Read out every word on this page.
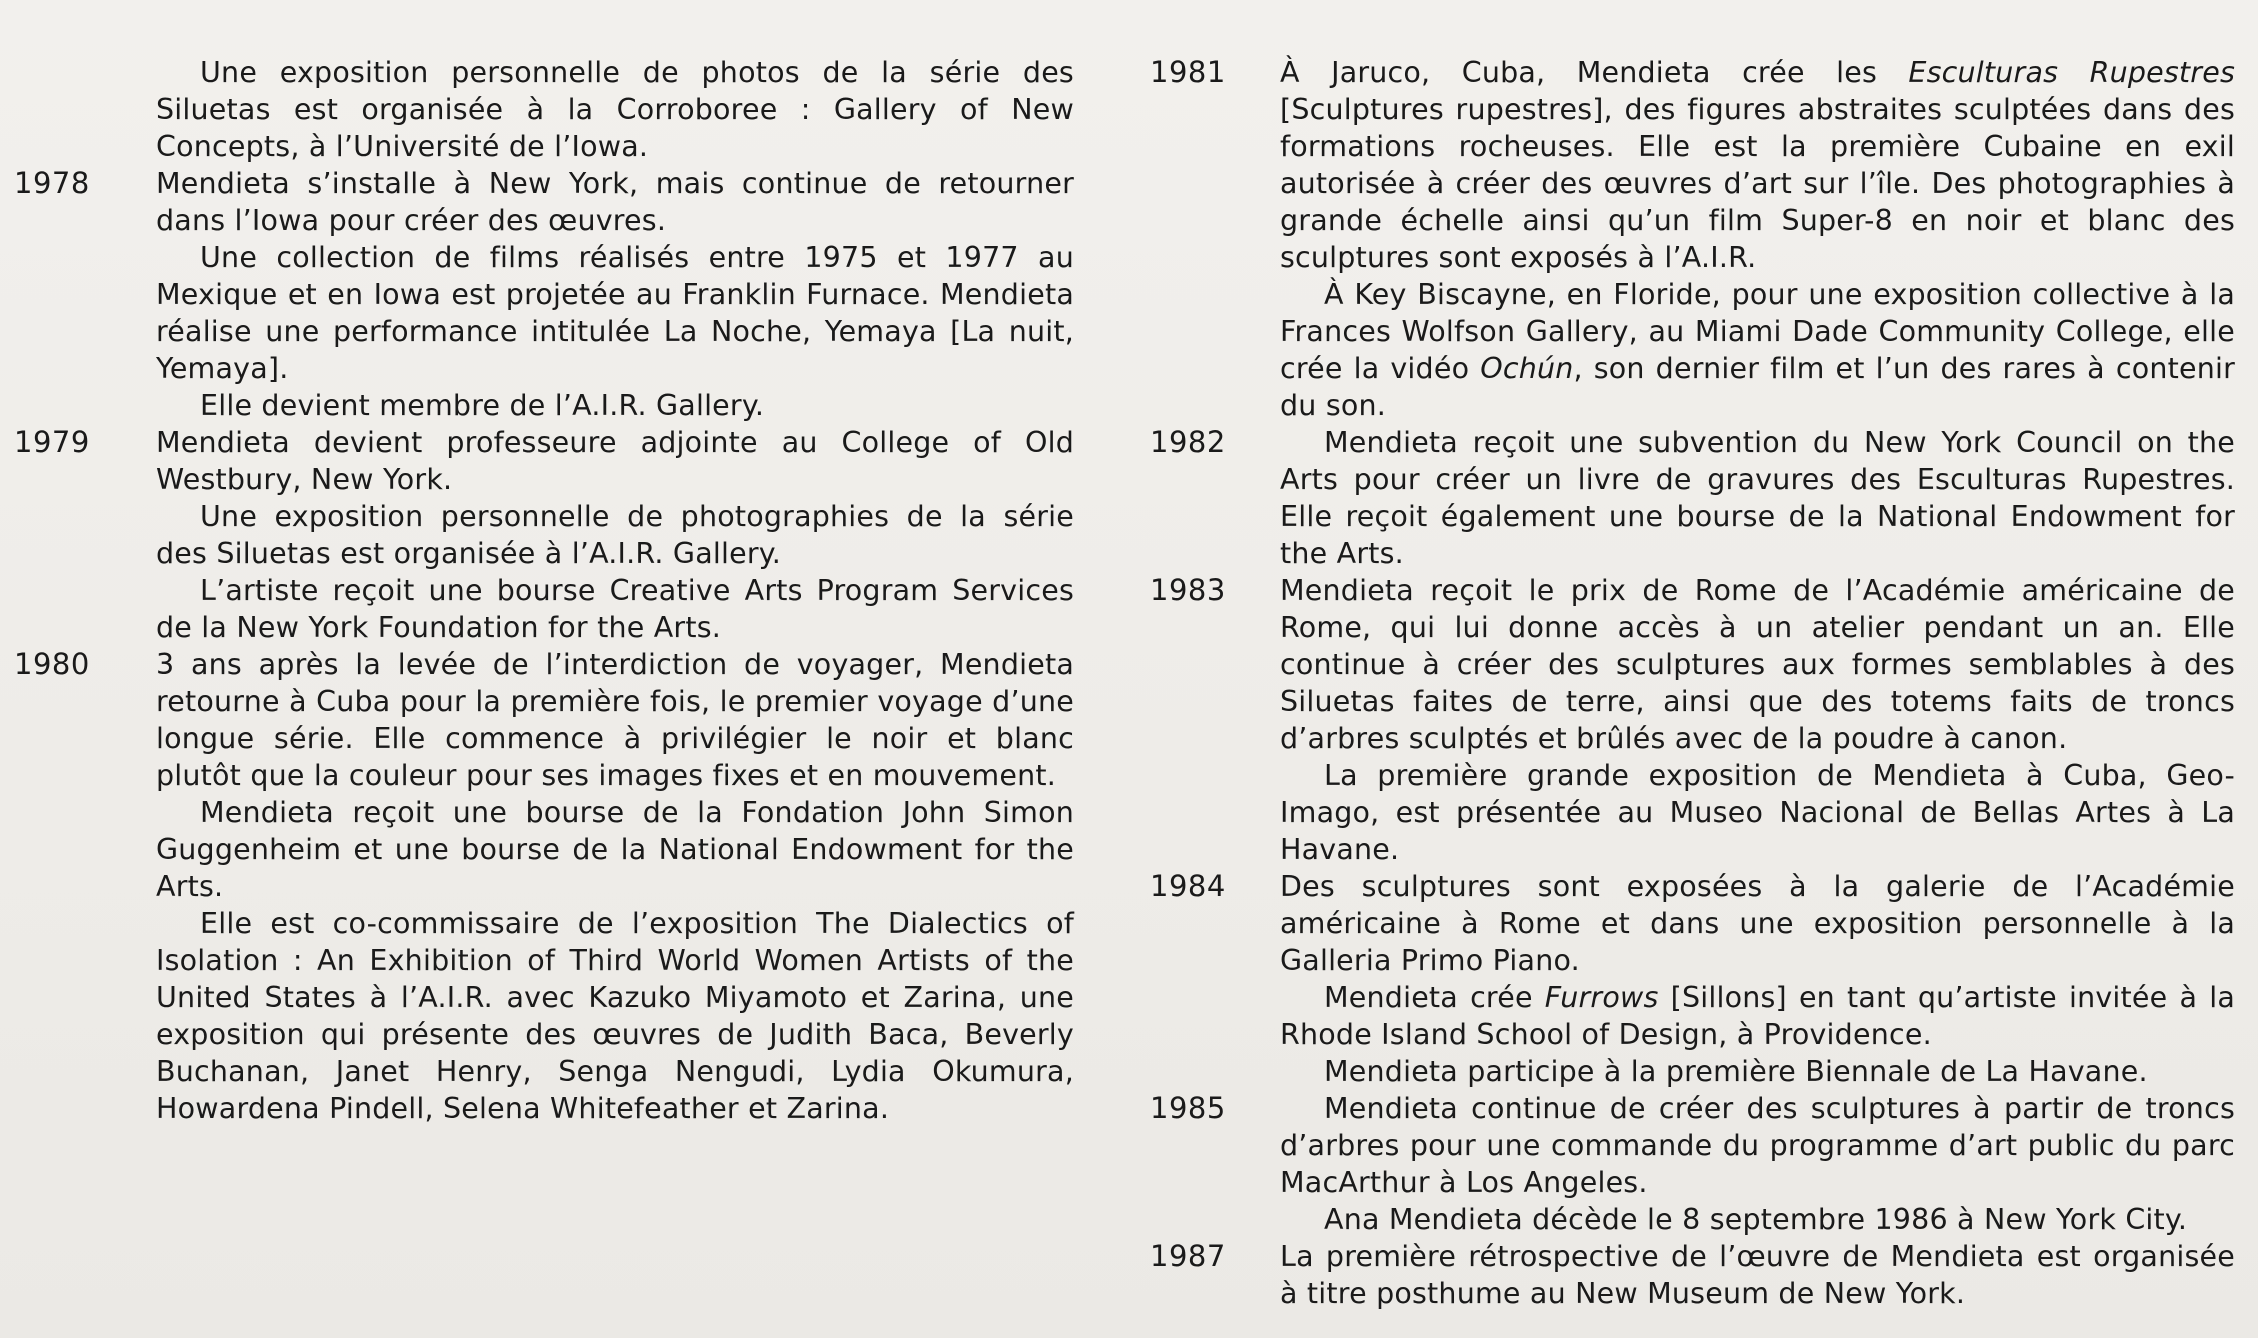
Une exposition personnelle de photos de la série des Siluetas est organisée à la Corroboree : Gallery of New Concepts, à l’Université de l’Iowa.

1978	Mendieta s’installe à New York, mais continue de retourner dans l’Iowa pour créer des œuvres.

Une collection de films réalisés entre 1975 et 1977 au Mexique et en Iowa est projetée au Franklin Furnace. Mendieta réalise une performance intitulée La Noche, Yemaya [La nuit, Yemaya].

Elle devient membre de l’A.I.R. Gallery.

1979	Mendieta devient professeure adjointe au College of Old Westbury, New York.

Une exposition personnelle de photographies de la série des Siluetas est organisée à l’A.I.R. Gallery.

L’artiste reçoit une bourse Creative Arts Program Services de la New York Foundation for the Arts.

1980	3 ans après la levée de l’interdiction de voyager, Mendieta retourne à Cuba pour la première fois, le premier voyage d’une longue série. Elle commence à privilégier le noir et blanc plutôt que la couleur pour ses images fixes et en mouvement.

Mendieta reçoit une bourse de la Fondation John Simon Guggenheim et une bourse de la National Endowment for the Arts.

Elle est co-commissaire de l’exposition The Dialectics of Isolation : An Exhibition of Third World Women Artists of the United States à l’A.I.R. avec Kazuko Miyamoto et Zarina, une exposition qui présente des œuvres de Judith Baca, Beverly Buchanan, Janet Henry, Senga Nengudi, Lydia Okumura, Howardena Pindell, Selena Whitefeather et Zarina.

1981	À Jaruco, Cuba, Mendieta crée les Esculturas Rupestres [Sculptures rupestres], des figures abstraites sculptées dans des formations rocheuses. Elle est la première Cubaine en exil autorisée à créer des œuvres d’art sur l’île. Des photographies à grande échelle ainsi qu’un film Super-8 en noir et blanc des sculptures sont exposés à l’A.I.R.

À Key Biscayne, en Floride, pour une exposition collective à la Frances Wolfson Gallery, au Miami Dade Community College, elle crée la vidéo Ochún, son dernier film et l’un des rares à contenir du son.

1982	Mendieta reçoit une subvention du New York Council on the Arts pour créer un livre de gravures des Esculturas Rupestres. Elle reçoit également une bourse de la National Endowment for the Arts.

1983	Mendieta reçoit le prix de Rome de l’Académie américaine de Rome, qui lui donne accès à un atelier pendant un an. Elle continue à créer des sculptures aux formes semblables à des Siluetas faites de terre, ainsi que des totems faits de troncs d’arbres sculptés et brûlés avec de la poudre à canon.

La première grande exposition de Mendieta à Cuba, Geo-Imago, est présentée au Museo Nacional de Bellas Artes à La Havane.

1984	Des sculptures sont exposées à la galerie de l’Académie américaine à Rome et dans une exposition personnelle à la Galleria Primo Piano.

Mendieta crée Furrows [Sillons] en tant qu’artiste invitée à la Rhode Island School of Design, à Providence.

Mendieta participe à la première Biennale de La Havane.

1985	Mendieta continue de créer des sculptures à partir de troncs d’arbres pour une commande du programme d’art public du parc MacArthur à Los Angeles.

Ana Mendieta décède le 8 septembre 1986 à New York City.

1987	La première rétrospective de l’œuvre de Mendieta est organisée à titre posthume au New Museum de New York.
